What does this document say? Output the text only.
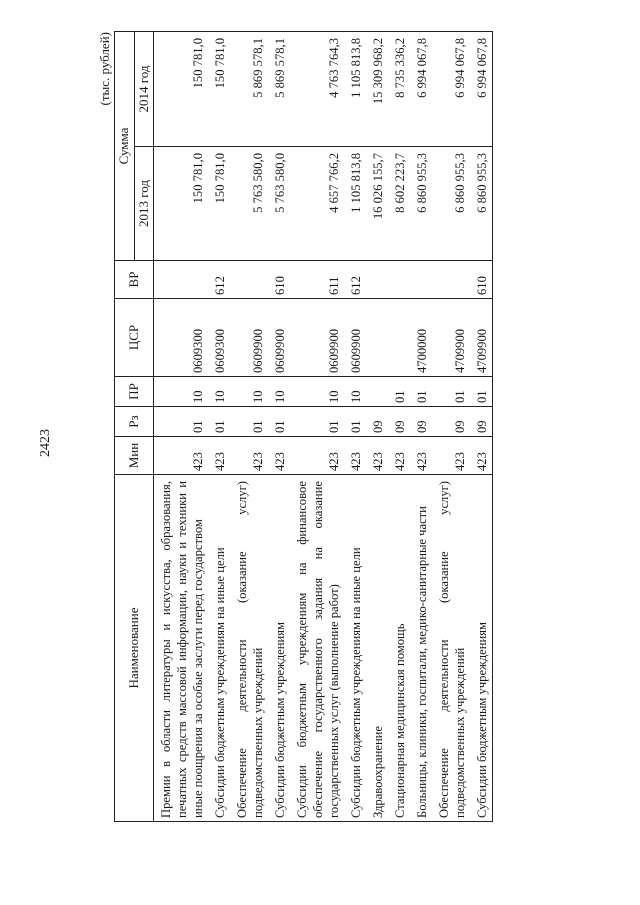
2423
(тыс. рублей)
Наименование	Мин	Рз	ПР	ЦСР	ВР	Сумма	
						2013 год	2014 год
Премии в области литературы и искусства, образования, печатных средств массовой информации, науки и техники и иные поощрения за особые заслуги перед государством	423	01	10	0609300		150 781,0	150 781,0
Субсидии бюджетным учреждениям на иные цели	423	01	10	0609300	612	150 781,0	150 781,0
Обеспечение деятельности (оказание услуг) подведомственных учреждений	423	01	10	0609900		5 763 580,0	5 869 578,1
Субсидии бюджетным учреждениям	423	01	10	0609900	610	5 763 580,0	5 869 578,1
Субсидии бюджетным учреждениям на финансовое обеспечение государственного задания на оказание государственных услуг (выполнение работ)	423	01	10	0609900	611	4 657 766,2	4 763 764,3
Субсидии бюджетным учреждениям на иные цели	423	01	10	0609900	612	1 105 813,8	1 105 813,8
Здравоохранение	423	09				16 026 155,7	15 309 968,2
Стационарная медицинская помощь	423	09	01			8 602 223,7	8 735 336,2
Больницы, клиники, госпитали, медико-санитарные части	423	09	01	4700000		6 860 955,3	6 994 067,8
Обеспечение деятельности (оказание услуг) подведомственных учреждений	423	09	01	4709900		6 860 955,3	6 994 067,8
Субсидии бюджетным учреждениям	423	09	01	4709900	610	6 860 955,3	6 994 067,8
